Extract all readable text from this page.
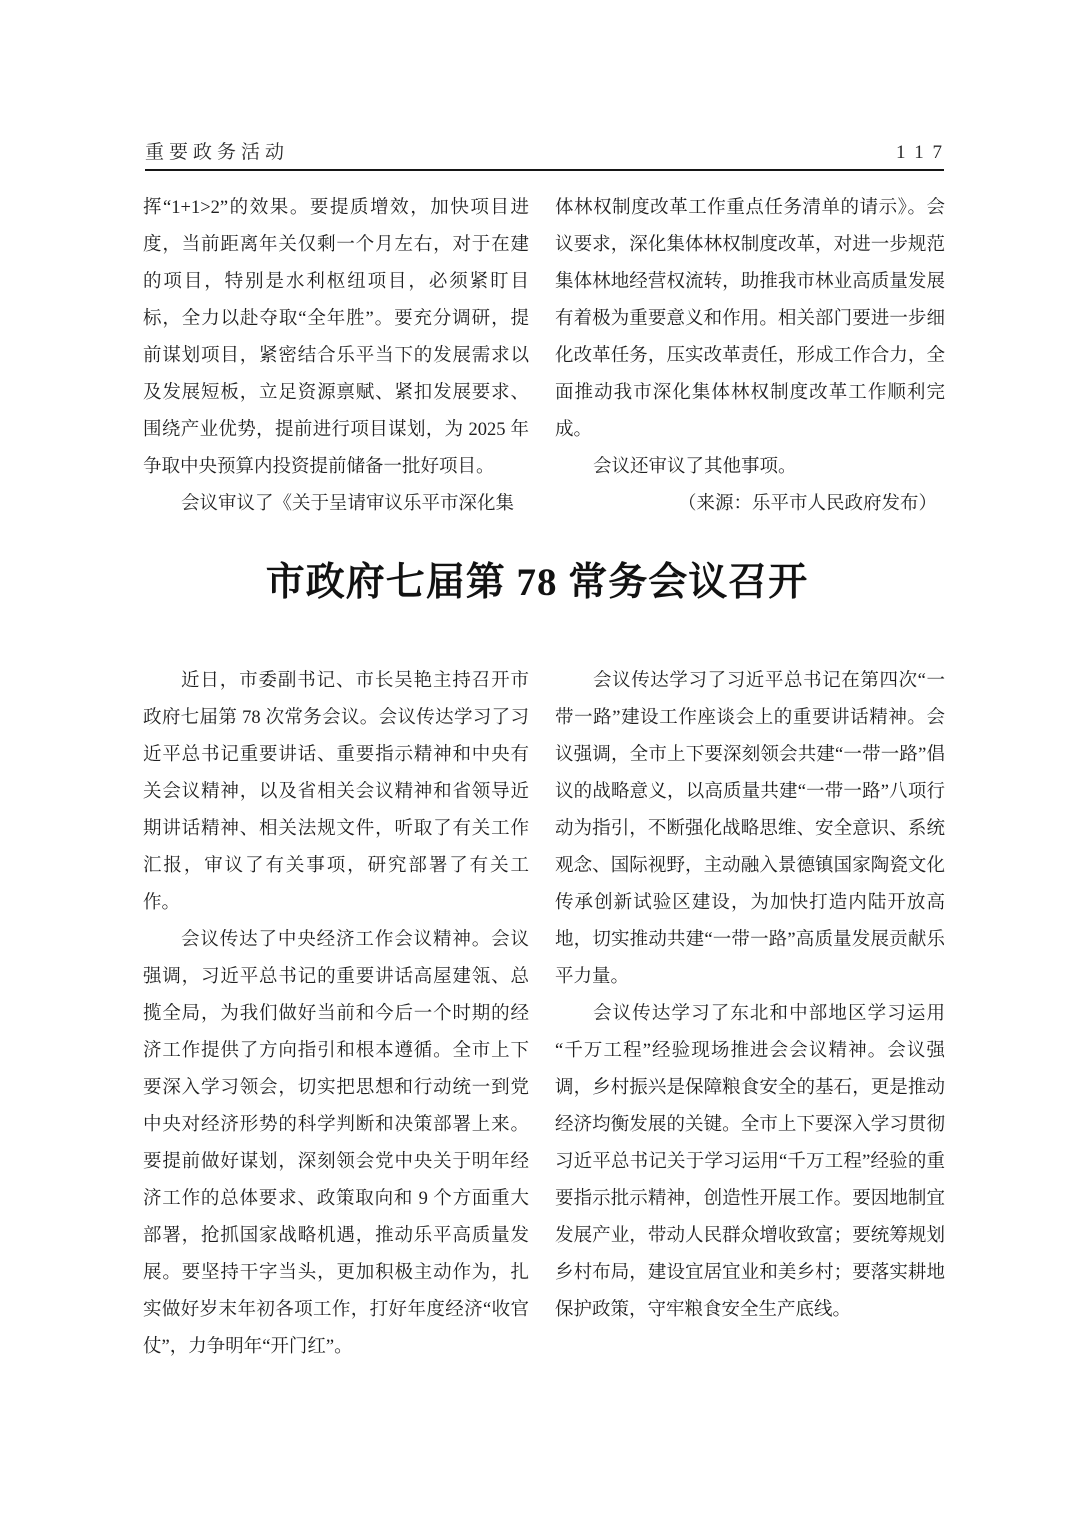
重要政务活动	1 1 7

挥“1+1>2”的效果。要提质增效，加快项目进度，当前距离年关仅剩一个月左右，对于在建的项目，特别是水利枢纽项目，必须紧盯目标，全力以赴夺取“全年胜”。要充分调研，提前谋划项目，紧密结合乐平当下的发展需求以及发展短板，立足资源禀赋、紧扣发展要求、围绕产业优势，提前进行项目谋划，为 2025 年争取中央预算内投资提前储备一批好项目。

会议审议了《关于呈请审议乐平市深化集

体林权制度改革工作重点任务清单的请示》。会议要求，深化集体林权制度改革，对进一步规范集体林地经营权流转，助推我市林业高质量发展有着极为重要意义和作用。相关部门要进一步细化改革任务，压实改革责任，形成工作合力，全面推动我市深化集体林权制度改革工作顺利完成。

会议还审议了其他事项。

（来源：乐平市人民政府发布）

市政府七届第 78 常务会议召开

近日，市委副书记、市长吴艳主持召开市政府七届第 78 次常务会议。会议传达学习了习近平总书记重要讲话、重要指示精神和中央有关会议精神，以及省相关会议精神和省领导近期讲话精神、相关法规文件，听取了有关工作汇报，审议了有关事项，研究部署了有关工作。

会议传达了中央经济工作会议精神。会议强调，习近平总书记的重要讲话高屋建瓴、总揽全局，为我们做好当前和今后一个时期的经济工作提供了方向指引和根本遵循。全市上下要深入学习领会，切实把思想和行动统一到党中央对经济形势的科学判断和决策部署上来。要提前做好谋划，深刻领会党中央关于明年经济工作的总体要求、政策取向和 9 个方面重大部署，抢抓国家战略机遇，推动乐平高质量发展。要坚持干字当头，更加积极主动作为，扎实做好岁末年初各项工作，打好年度经济“收官仗”，力争明年“开门红”。

会议传达学习了习近平总书记在第四次“一带一路”建设工作座谈会上的重要讲话精神。会议强调，全市上下要深刻领会共建“一带一路”倡议的战略意义，以高质量共建“一带一路”八项行动为指引，不断强化战略思维、安全意识、系统观念、国际视野，主动融入景德镇国家陶瓷文化传承创新试验区建设，为加快打造内陆开放高地，切实推动共建“一带一路”高质量发展贡献乐平力量。

会议传达学习了东北和中部地区学习运用“千万工程”经验现场推进会会议精神。会议强调，乡村振兴是保障粮食安全的基石，更是推动经济均衡发展的关键。全市上下要深入学习贯彻习近平总书记关于学习运用“千万工程”经验的重要指示批示精神，创造性开展工作。要因地制宜发展产业，带动人民群众增收致富；要统筹规划乡村布局，建设宜居宜业和美乡村；要落实耕地保护政策，守牢粮食安全生产底线。
